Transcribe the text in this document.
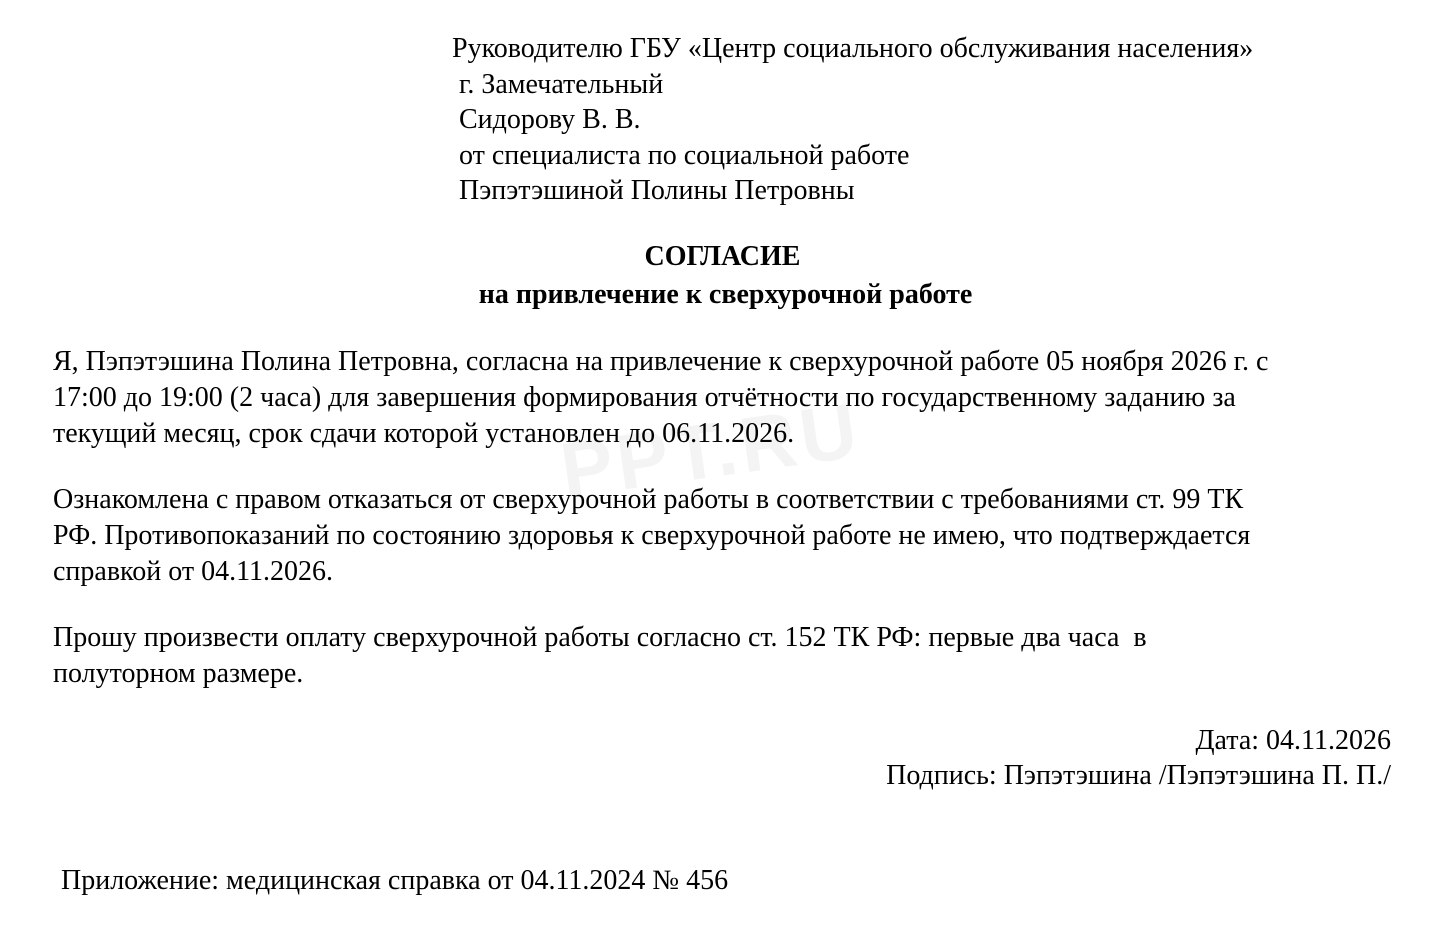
Руководителю ГБУ «Центр социального обслуживания населения»
г. Замечательный
Сидорову В. В.
от специалиста по социальной работе
Пэпэтэшиной Полины Петровны
СОГЛАСИЕ
на привлечение к сверхурочной работе
Я, Пэпэтэшина Полина Петровна, согласна на привлечение к сверхурочной работе 05 ноября 2026 г. с
17:00 до 19:00 (2 часа) для завершения формирования отчётности по государственному заданию за
текущий месяц, срок сдачи которой установлен до 06.11.2026.
Ознакомлена с правом отказаться от сверхурочной работы в соответствии с требованиями ст. 99 ТК
РФ. Противопоказаний по состоянию здоровья к сверхурочной работе не имею, что подтверждается
справкой от 04.11.2026.
Прошу произвести оплату сверхурочной работы согласно ст. 152 ТК РФ: первые два часа  в
полуторном размере.
Дата: 04.11.2026
Подпись: Пэпэтэшина /Пэпэтэшина П. П./
Приложение: медицинская справка от 04.11.2024 № 456
